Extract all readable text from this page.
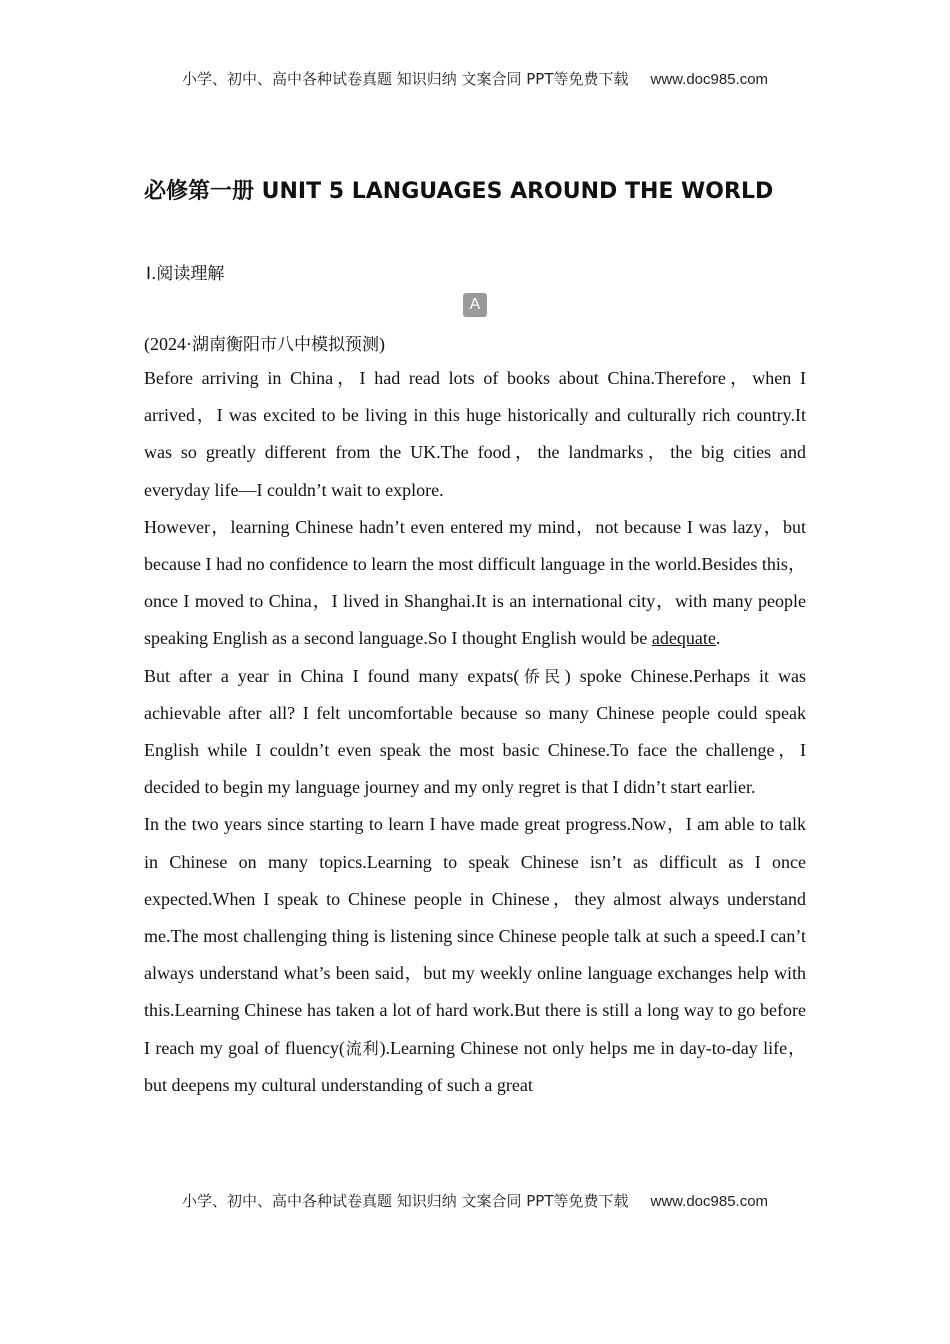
小学、初中、高中各种试卷真题 知识归纳 文案合同 PPT等免费下载 www.doc985.com
必修第一册 UNIT 5 LANGUAGES AROUND THE WORLD
Ⅰ.阅读理解
A
(2024·湖南衡阳市八中模拟预测)

Before arriving in China，I had read lots of books about China.Therefore，when I arrived，I was excited to be living in this huge historically and culturally rich country.It was so greatly different from the UK.The food，the landmarks，the big cities and everyday life—I couldn’t wait to explore.

However，learning Chinese hadn’t even entered my mind，not because I was lazy，but because I had no confidence to learn the most difficult language in the world.Besides this，once I moved to China，I lived in Shanghai.It is an international city，with many people speaking English as a second language.So I thought English would be adequate.

But after a year in China I found many expats(侨民) spoke Chinese.Perhaps it was achievable after all? I felt uncomfortable because so many Chinese people could speak English while I couldn’t even speak the most basic Chinese.To face the challenge，I decided to begin my language journey and my only regret is that I didn’t start earlier.

In the two years since starting to learn I have made great progress.Now，I am able to talk in Chinese on many topics.Learning to speak Chinese isn’t as difficult as I once expected.When I speak to Chinese people in Chinese，they almost always understand me.The most challenging thing is listening since Chinese people talk at such a speed.I can’t always understand what’s been said，but my weekly online language exchanges help with this.Learning Chinese has taken a lot of hard work.But there is still a long way to go before I reach my goal of fluency(流利).Learning Chinese not only helps me in day-to-day life，but deepens my cultural understanding of such a great

小学、初中、高中各种试卷真题 知识归纳 文案合同 PPT等免费下载 www.doc985.com
